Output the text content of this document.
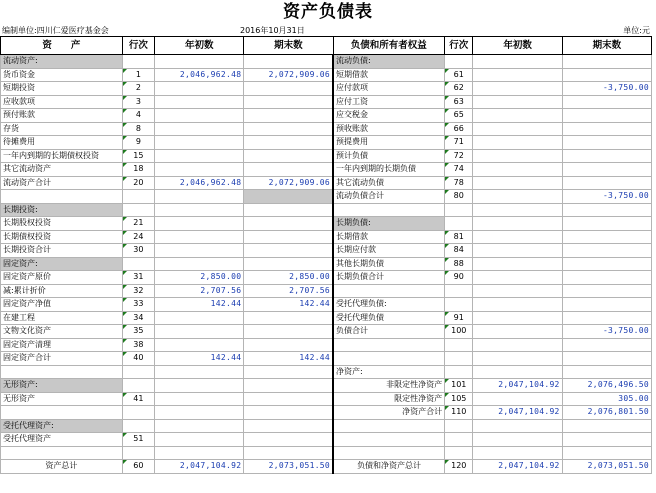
资产负债表
编制单位:四川仁爱医疗基金会	2016年10月31日	单位:元
资　　产	行次	年初数	期末数	负债和所有者权益	行次	年初数	期末数
流动资产:				流动负债:			
货币资金	1	2,046,962.48	2,072,909.06	短期借款	61		
短期投资	2			应付款项	62		-3,750.00
应收款项	3			应付工资	63		
预付账款	4			应交税金	65		
存货	8			预收账款	66		
待摊费用	9			预提费用	71		
一年内到期的长期债权投资	15			预计负债	72		
其它流动资产	18			一年内到期的长期负债	74		
流动资产合计	20	2,046,962.48	2,072,909.06	其它流动负债	78		
				流动负债合计	80		-3,750.00
长期投资:							
长期股权投资	21			长期负债:			
长期债权投资	24			长期借款	81		
长期投资合计	30			长期应付款	84		
固定资产:				其他长期负债	88		
固定资产原价	31	2,850.00	2,850.00	长期负债合计	90		
减:累计折价	32	2,707.56	2,707.56				
固定资产净值	33	142.44	142.44	受托代理负债:			
在建工程	34			受托代理负债	91		
文物文化资产	35			负债合计	100		-3,750.00
固定资产清理	38						
固定资产合计	40	142.44	142.44				
				净资产:			
无形资产:				非限定性净资产	101	2,047,104.92	2,076,496.50
无形资产	41			限定性净资产	105		305.00
				净资产合计	110	2,047,104.92	2,076,801.50
受托代理资产:							
受托代理资产	51						

资产总计	60	2,047,104.92	2,073,051.50	负债和净资产总计	120	2,047,104.92	2,073,051.50
